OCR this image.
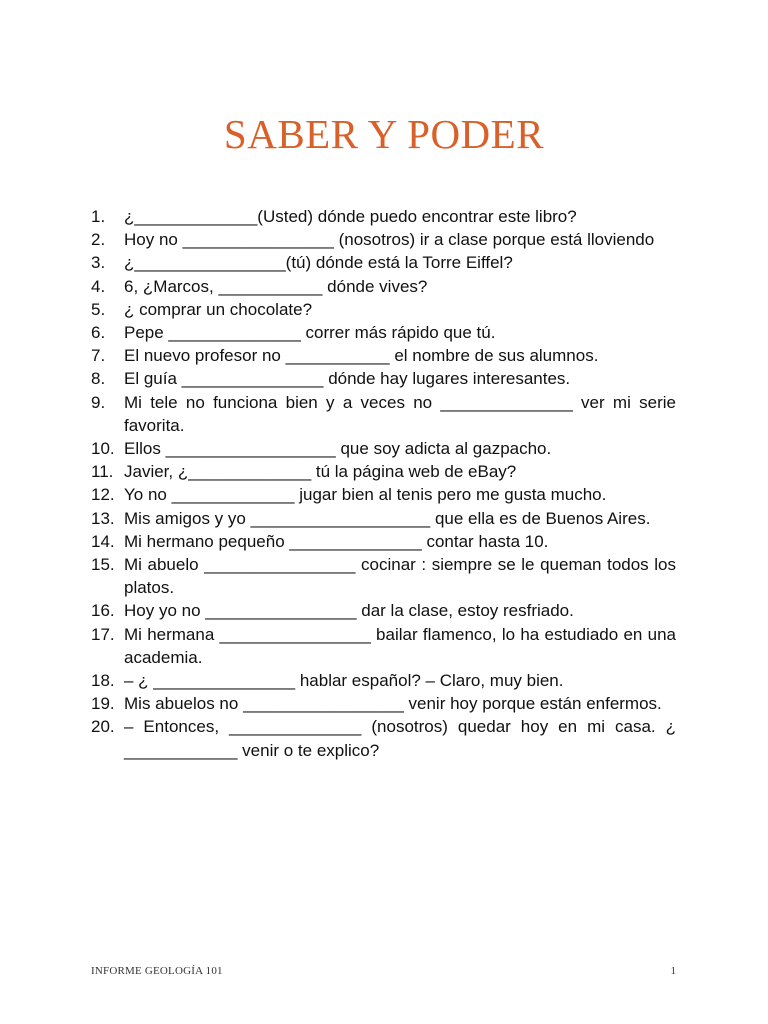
SABER Y PODER
1.	¿_____________(Usted) dónde puedo encontrar este libro?
2.	Hoy no ________________ (nosotros) ir a clase porque está lloviendo
3.	¿________________(tú) dónde está la Torre Eiffel?
4.	6, ¿Marcos, ___________ dónde vives?
5.	¿ comprar un chocolate?
6.	Pepe ______________ correr más rápido que tú.
7.	El nuevo profesor no ___________ el nombre de sus alumnos.
8.	El guía _______________ dónde hay lugares interesantes.
9.	Mi tele no funciona bien y a veces no ______________ ver mi serie favorita.
10. Ellos __________________ que soy adicta al gazpacho.
11. Javier, ¿_____________ tú la página web de eBay?
12. Yo no _____________ jugar bien al tenis pero me gusta mucho.
13. Mis amigos y yo ___________________ que ella es de Buenos Aires.
14. Mi hermano pequeño ______________ contar hasta 10.
15. Mi abuelo ________________ cocinar : siempre se le queman todos los platos.
16. Hoy yo no ________________ dar la clase, estoy resfriado.
17. Mi hermana ________________ bailar flamenco, lo ha estudiado en una academia.
18. – ¿ _______________ hablar español? – Claro, muy bien.
19. Mis abuelos no _________________ venir hoy porque están enfermos.
20. – Entonces, ______________ (nosotros) quedar hoy en mi casa. ¿ ____________ venir o te explico?
INFORME GEOLOGÍA 101	1
